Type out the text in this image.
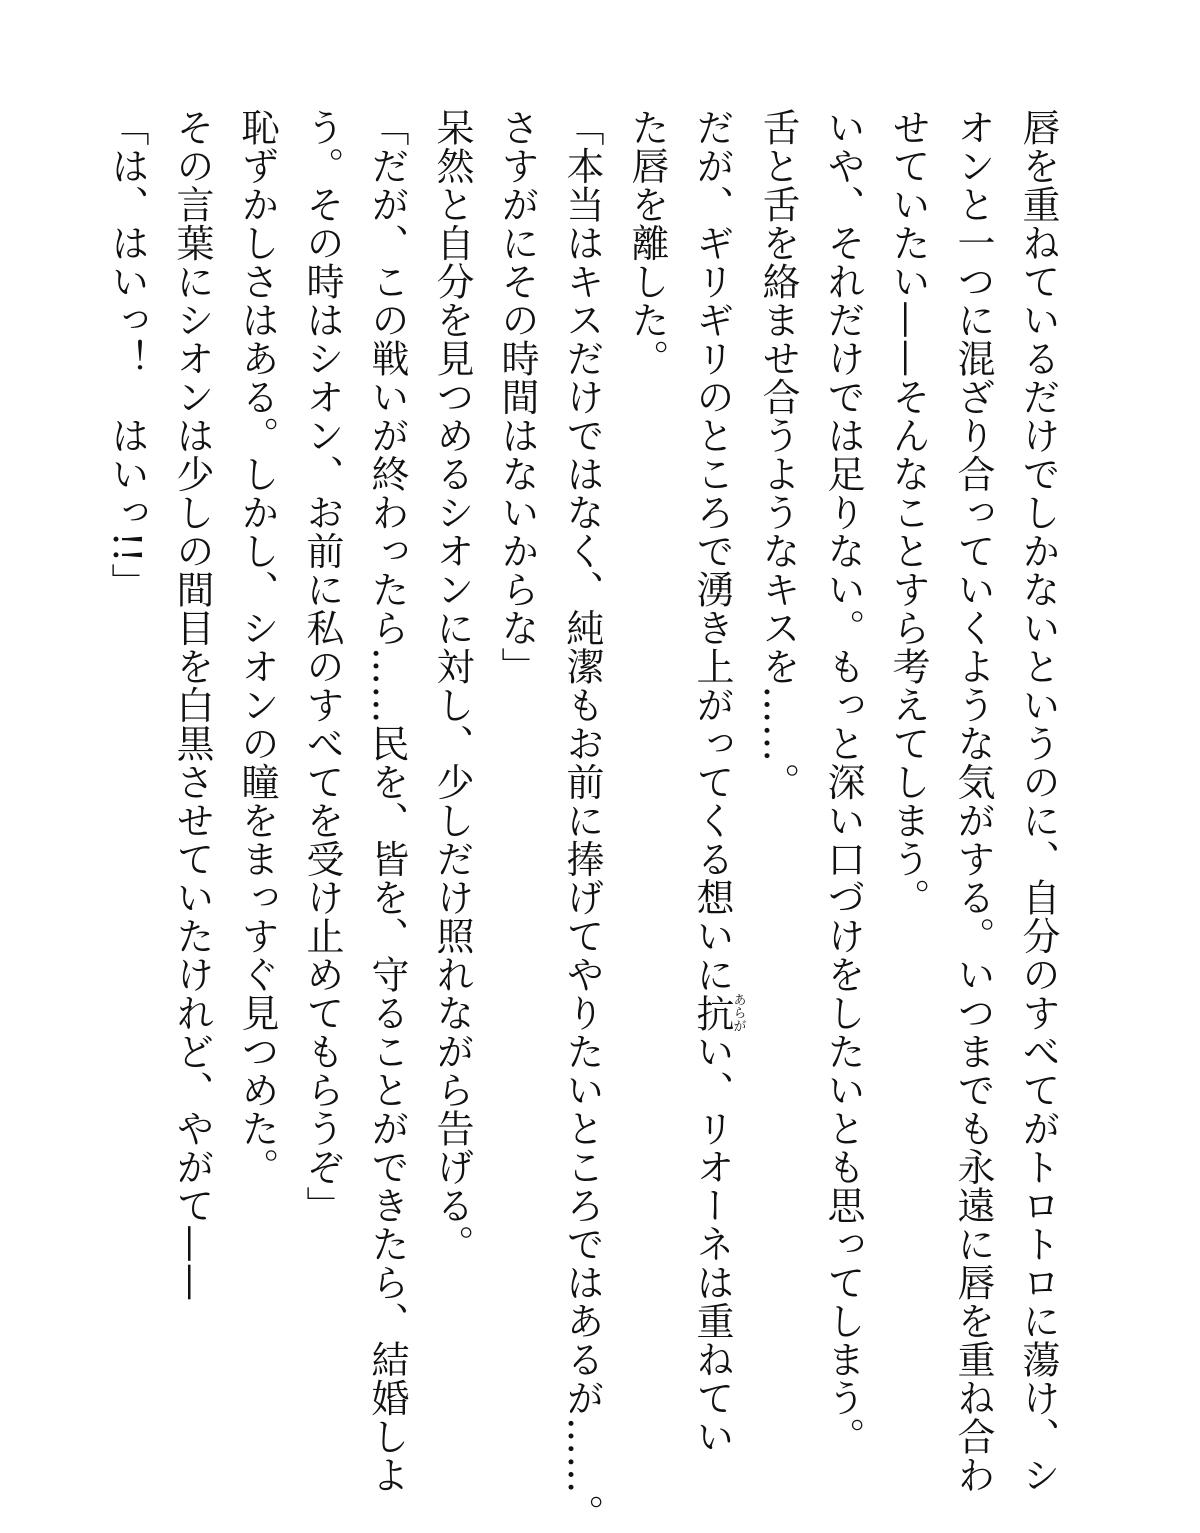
唇を重ねているだけでしかないというのに、自分のすべてがトロトロに蕩け、シ

オンと一つに混ざり合っていくような気がする。いつまでも永遠に唇を重ね合わ

せていたい——そんなことすら考えてしまう。

いや、それだけでは足りない。もっと深い口づけをしたいとも思ってしまう。

舌と舌を絡ませ合うようなキスを……。

だが、ギリギリのところで湧き上がってくる想いに抗あらがい、リオーネは重ねてい

た唇を離した。

「本当はキスだけではなく、純潔もお前に捧げてやりたいところではあるが……。

さすがにその時間はないからな」

呆然と自分を見つめるシオンに対し、少しだけ照れながら告げる。

「だが、この戦いが終わったら……民を、皆を、守ることができたら、結婚しよ

う。その時はシオン、お前に私のすべてを受け止めてもらうぞ」

恥ずかしさはある。しかし、シオンの瞳をまっすぐ見つめた。

その言葉にシオンは少しの間目を白黒させていたけれど、やがて——

「は、はいっ！　はいっ!!」
